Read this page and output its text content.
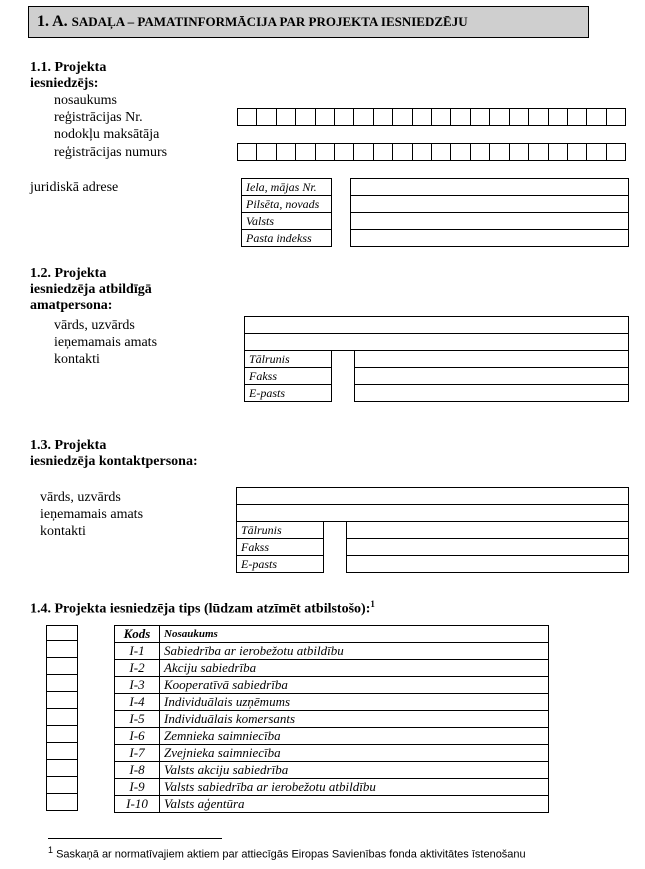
1. A. SADAĻA – PAMATINFORMĀCIJA PAR PROJEKTA IESNIEDZĒJU
1.1. Projekta
iesniedzējs:
nosaukums
reģistrācijas Nr.
nodokļu maksātāja
reģistrācijas numurs
juridiskā adrese	Iela, mājas Nr.
Pilsēta, novads
Valsts
Pasta indekss

1.2. Projekta
iesniedzēja atbildīgā
amatpersona:
vārds, uzvārds
ieņemamais amats
kontakti	Tālrunis
Fakss
E-pasts

1.3. Projekta
iesniedzēja kontaktpersona:
vārds, uzvārds
ieņemamais amats
kontakti	Tālrunis
Fakss
E-pasts

1.4. Projekta iesniedzēja tips (lūdzam atzīmēt atbilstošo):$^1$

Kods	Nosaukums
I-1	Sabiedrība ar ierobežotu atbildību
I-2	Akciju sabiedrība
I-3	Kooperatīvā sabiedrība
I-4	Individuālais uzņēmums
I-5	Individuālais komersants
I-6	Zemnieka saimniecība
I-7	Zvejnieka saimniecība
I-8	Valsts akciju sabiedrība
I-9	Valsts sabiedrība ar ierobežotu atbildību
I-10	Valsts aģentūra
$^1$ Saskaņā ar normatīvajiem aktiem par attiecīgās Eiropas Savienības fonda aktivitātes īstenošanu
